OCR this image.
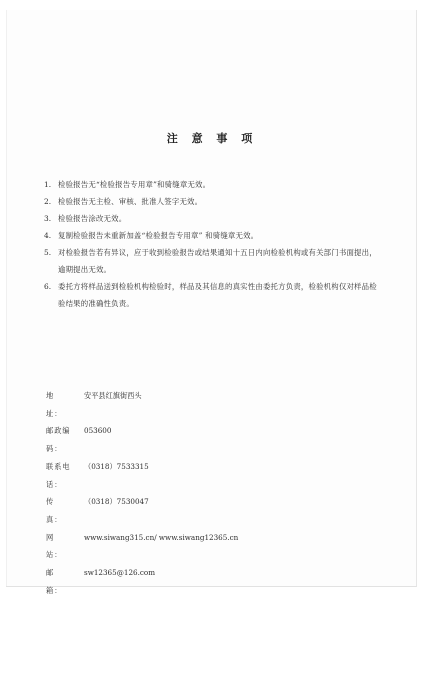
注 意 事 项
1. 检验报告无“检验报告专用章”和骑缝章无效。
2. 检验报告无主检、审核、批准人签字无效。
3. 检验报告涂改无效。
4. 复制检验报告未重新加盖“检验报告专用章” 和骑缝章无效。
5. 对检验报告若有异议，应于收到检验报告或结果通知十五日内向检验机构或有关部门书面提出，逾期提出无效。
6. 委托方将样品送到检验机构检验时，样品及其信息的真实性由委托方负责，检验机构仅对样品检验结果的准确性负责。
地　　址：
安平县红旗街西头
邮政编码：
053600
联系电话：
（0318）7533315
传　　真：
（0318）7530047
网　　站：
www.siwang315.cn/ www.siwang12365.cn
邮　　箱：
sw12365@126.com
